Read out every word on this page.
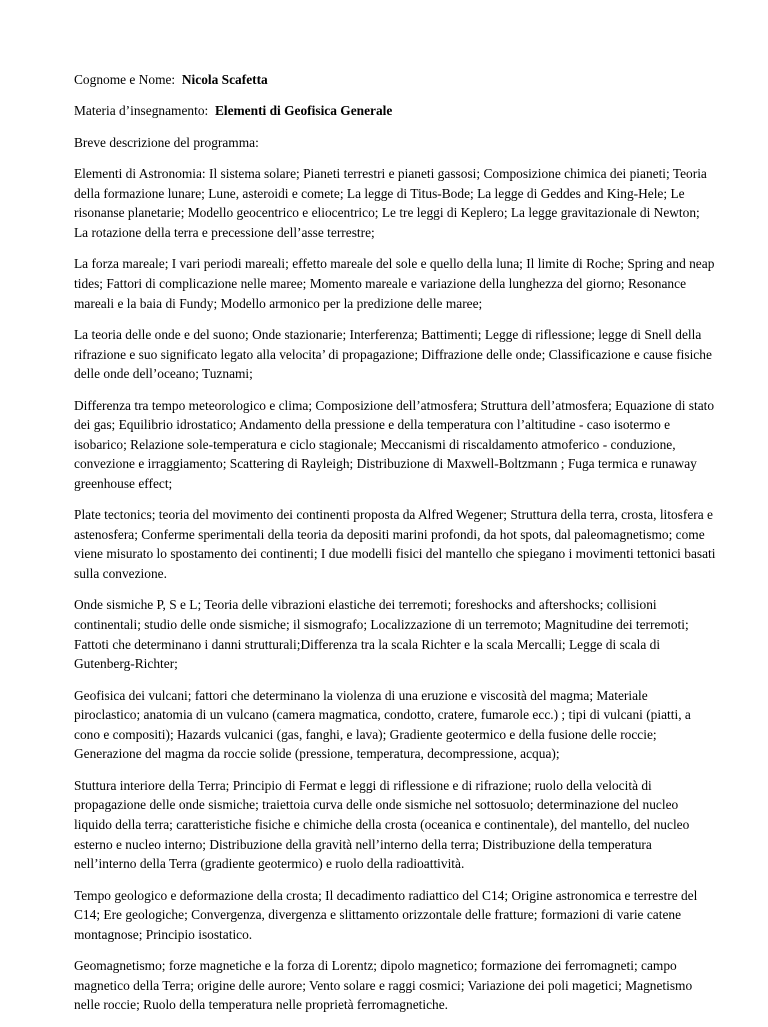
Cognome e Nome: Nicola Scafetta

Materia d’insegnamento: Elementi di Geofisica Generale

Breve descrizione del programma:

Elementi di Astronomia: Il sistema solare; Pianeti terrestri e pianeti gassosi; Composizione chimica dei pianeti; Teoria della formazione lunare; Lune, asteroidi e comete; La legge di Titus-Bode; La legge di Geddes and King-Hele; Le risonanse planetarie; Modello geocentrico e eliocentrico; Le tre leggi di Keplero; La legge gravitazionale di Newton; La rotazione della terra e precessione dell’asse terrestre;

La forza mareale; I vari periodi mareali; effetto mareale del sole e quello della luna; Il limite di Roche; Spring and neap tides; Fattori di complicazione nelle maree; Momento mareale e variazione della lunghezza del giorno; Resonance mareali e la baia di Fundy; Modello armonico per la predizione delle maree;

La teoria delle onde e del suono; Onde stazionarie; Interferenza; Battimenti; Legge di riflessione; legge di Snell della rifrazione e suo significato legato alla velocita’ di propagazione; Diffrazione delle onde; Classificazione e cause fisiche delle onde dell’oceano; Tuznami;

Differenza tra tempo meteorologico e clima; Composizione dell’atmosfera; Struttura dell’atmosfera; Equazione di stato dei gas; Equilibrio idrostatico; Andamento della pressione e della temperatura con l’altitudine - caso isotermo e isobarico; Relazione sole-temperatura e ciclo stagionale; Meccanismi di riscaldamento atmoferico - conduzione, convezione e irraggiamento; Scattering di Rayleigh; Distribuzione di Maxwell-Boltzmann ; Fuga termica e runaway greenhouse effect;

Plate tectonics; teoria del movimento dei continenti proposta da Alfred Wegener; Struttura della terra, crosta, litosfera e astenosfera; Conferme sperimentali della teoria da depositi marini profondi, da hot spots, dal paleomagnetismo; come viene misurato lo spostamento dei continenti; I due modelli fisici del mantello che spiegano i movimenti tettonici basati sulla convezione.

Onde sismiche P, S e L; Teoria delle vibrazioni elastiche dei terremoti; foreshocks and aftershocks; collisioni continentali; studio delle onde sismiche; il sismografo; Localizzazione di un terremoto; Magnitudine dei terremoti; Fattoti che determinano i danni strutturali;Differenza tra la scala Richter e la scala Mercalli; Legge di scala di Gutenberg-Richter;

Geofisica dei vulcani; fattori che determinano la violenza di una eruzione e viscosità del magma; Materiale piroclastico; anatomia di un vulcano (camera magmatica, condotto, cratere, fumarole ecc.) ; tipi di vulcani (piatti, a cono e compositi); Hazards vulcanici (gas, fanghi, e lava); Gradiente geotermico e della fusione delle roccie; Generazione del magma da roccie solide (pressione, temperatura, decompressione, acqua);

Stuttura interiore della Terra; Principio di Fermat e leggi di riflessione e di rifrazione; ruolo della velocità di propagazione delle onde sismiche; traiettoia curva delle onde sismiche nel sottosuolo; determinazione del nucleo liquido della terra; caratteristiche fisiche e chimiche della crosta (oceanica e continentale), del mantello, del nucleo esterno e nucleo interno; Distribuzione della gravità nell’interno della terra; Distribuzione della temperatura nell’interno della Terra (gradiente geotermico) e ruolo della radioattività.

Tempo geologico e deformazione della crosta; Il decadimento radiattico del C14; Origine astronomica e terrestre del C14; Ere geologiche; Convergenza, divergenza e slittamento orizzontale delle fratture; formazioni di varie catene montagnose; Principio isostatico.

Geomagnetismo; forze magnetiche e la forza di Lorentz; dipolo magnetico; formazione dei ferromagneti; campo magnetico della Terra; origine delle aurore; Vento solare e raggi cosmici; Variazione dei poli magetici; Magnetismo nelle roccie; Ruolo della temperatura nelle proprietà ferromagnetiche.
